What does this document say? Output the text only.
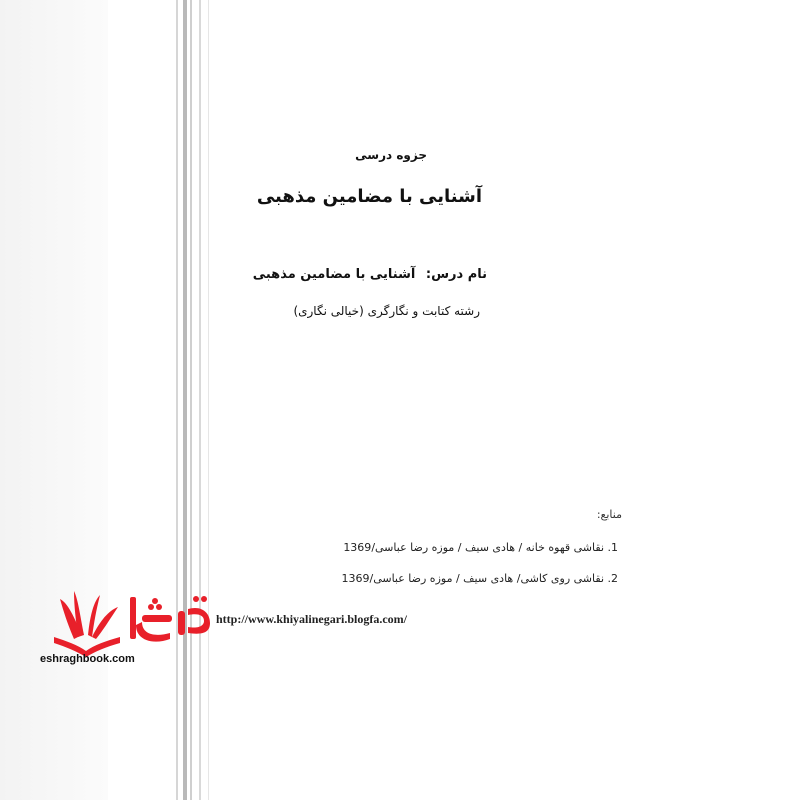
جزوه درسی
آشنایی با مضامین مذهبی
نام درس: آشنایی با مضامین مذهبی
رشته کتابت و نگارگری (خیالی نگاری)
منابع:
1. نقاشی قهوه خانه / هادی سیف / موزه رضا عباسی/1369
2. نقاشی روی کاشی/ هادی سیف / موزه رضا عباسی/1369
http://www.khiyalinegari.blogfa.com/
eshraghbook.com
